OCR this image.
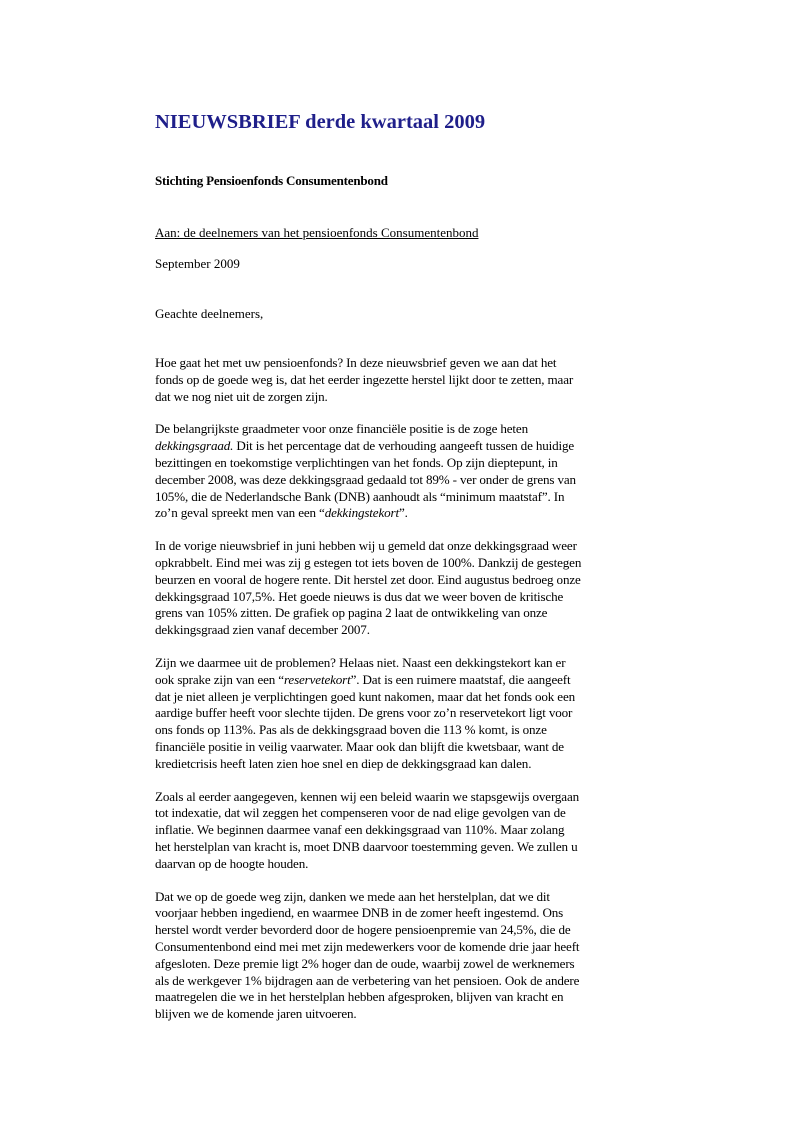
NIEUWSBRIEF derde kwartaal 2009

Stichting Pensioenfonds Consumentenbond

Aan: de deelnemers van het pensioenfonds Consumentenbond

September 2009

Geachte deelnemers,

Hoe gaat het met uw pensioenfonds? In deze nieuwsbrief geven we aan dat het
fonds op de goede weg is, dat het eerder ingezette herstel lijkt door te zetten, maar
dat we nog niet uit de zorgen zijn.

De belangrijkste graadmeter voor onze financiële positie is de zoge heten
dekkingsgraad. Dit is het percentage dat de verhouding aangeeft tussen de huidige
bezittingen en toekomstige verplichtingen van het fonds. Op zijn dieptepunt, in
december 2008, was deze dekkingsgraad gedaald tot 89% - ver onder de grens van
105%, die de Nederlandsche Bank (DNB) aanhoudt als “minimum maatstaf”. In
zo’n geval spreekt men van een “dekkingstekort”.

In de vorige nieuwsbrief in juni hebben wij u gemeld dat onze dekkingsgraad weer
opkrabbelt. Eind mei was zij g estegen tot iets boven de 100%. Dankzij de gestegen
beurzen en vooral de hogere rente. Dit herstel zet door. Eind augustus bedroeg onze
dekkingsgraad 107,5%. Het goede nieuws is dus dat we weer boven de kritische
grens van 105% zitten. De grafiek op pagina 2 laat de ontwikkeling van onze
dekkingsgraad zien vanaf december 2007.

Zijn we daarmee uit de problemen? Helaas niet. Naast een dekkingstekort kan er
ook sprake zijn van een “reservetekort”. Dat is een ruimere maatstaf, die aangeeft
dat je niet alleen je verplichtingen goed kunt nakomen, maar dat het fonds ook een
aardige buffer heeft voor slechte tijden. De grens voor zo’n reservetekort ligt voor
ons fonds op 113%. Pas als de dekkingsgraad boven die 113 % komt, is onze
financiële positie in veilig vaarwater. Maar ook dan blijft die kwetsbaar, want de
kredietcrisis heeft laten zien hoe snel en diep de dekkingsgraad kan dalen.

Zoals al eerder aangegeven, kennen wij een beleid waarin we stapsgewijs overgaan
tot indexatie, dat wil zeggen het compenseren voor de nad elige gevolgen van de
inflatie. We beginnen daarmee vanaf een dekkingsgraad van 110%. Maar zolang
het herstelplan van kracht is, moet DNB daarvoor toestemming geven. We zullen u
daarvan op de hoogte houden.

Dat we op de goede weg zijn, danken we mede aan het herstelplan, dat we dit
voorjaar hebben ingediend, en waarmee DNB in de zomer heeft ingestemd. Ons
herstel wordt verder bevorderd door de hogere pensioenpremie van 24,5%, die de
Consumentenbond eind mei met zijn medewerkers voor de komende drie jaar heeft
afgesloten. Deze premie ligt 2% hoger dan de oude, waarbij zowel de werknemers
als de werkgever 1% bijdragen aan de verbetering van het pensioen. Ook de andere
maatregelen die we in het herstelplan hebben afgesproken, blijven van kracht en
blijven we de komende jaren uitvoeren.
